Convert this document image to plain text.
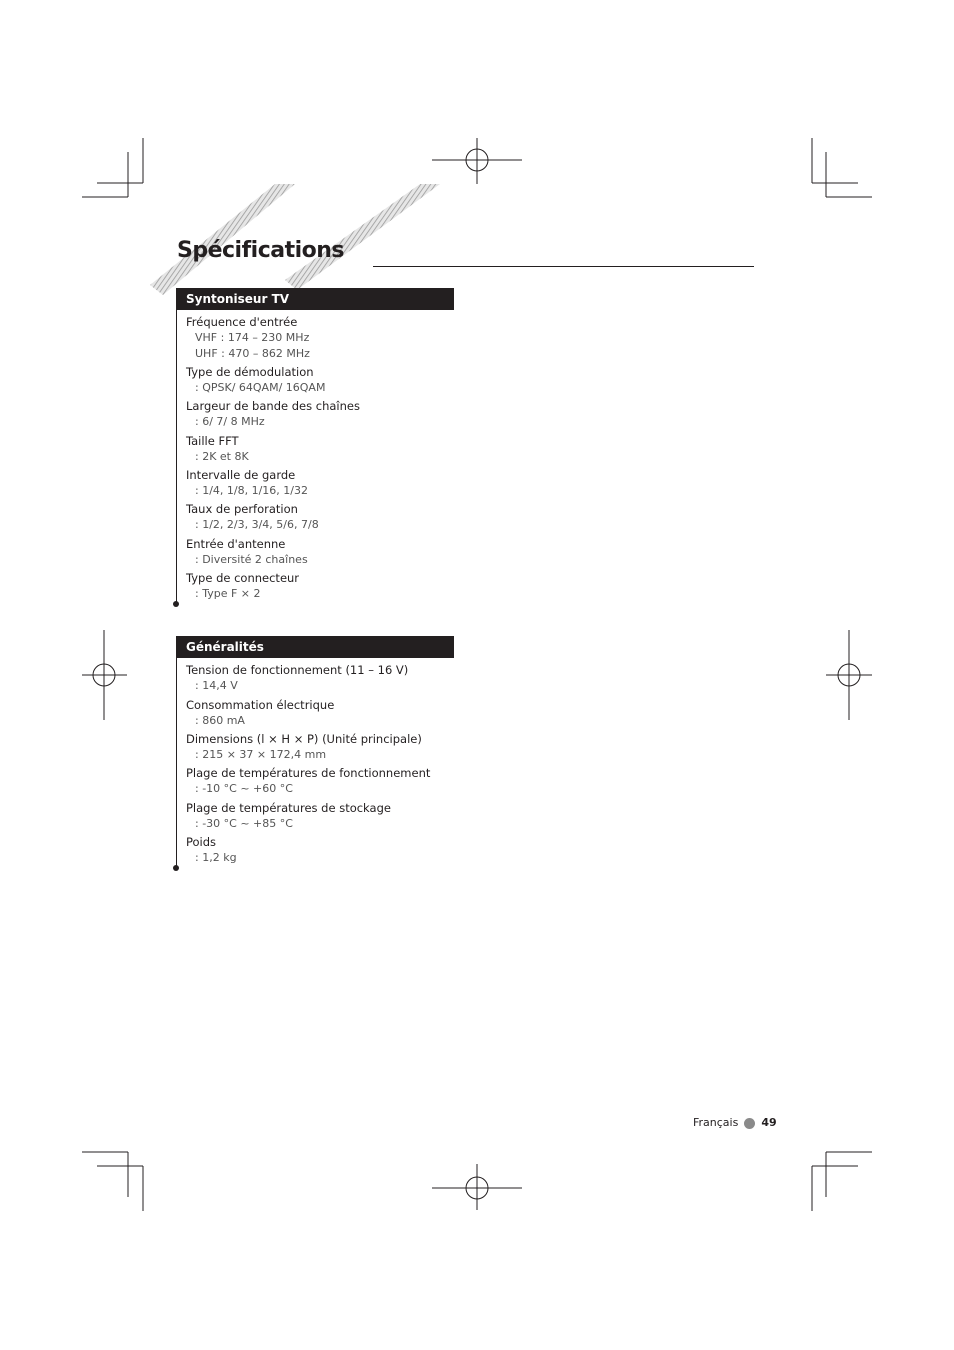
Spécifications
Syntoniseur TV
Fréquence d'entrée
VHF : 174 – 230 MHz
UHF : 470 – 862 MHz
Type de démodulation
: QPSK/ 64QAM/ 16QAM
Largeur de bande des chaînes
: 6/ 7/ 8 MHz
Taille FFT
: 2K et 8K
Intervalle de garde
: 1/4, 1/8, 1/16, 1/32
Taux de perforation
: 1/2, 2/3, 3/4, 5/6, 7/8
Entrée d'antenne
: Diversité 2 chaînes
Type de connecteur
: Type F × 2
Généralités
Tension de fonctionnement (11 – 16 V)
: 14,4 V
Consommation électrique
: 860 mA
Dimensions (l × H × P) (Unité principale)
: 215 × 37 × 172,4 mm
Plage de températures de fonctionnement
: -10 °C ~ +60 °C
Plage de températures de stockage
: -30 °C ~ +85 °C
Poids
: 1,2 kg
Français 49
